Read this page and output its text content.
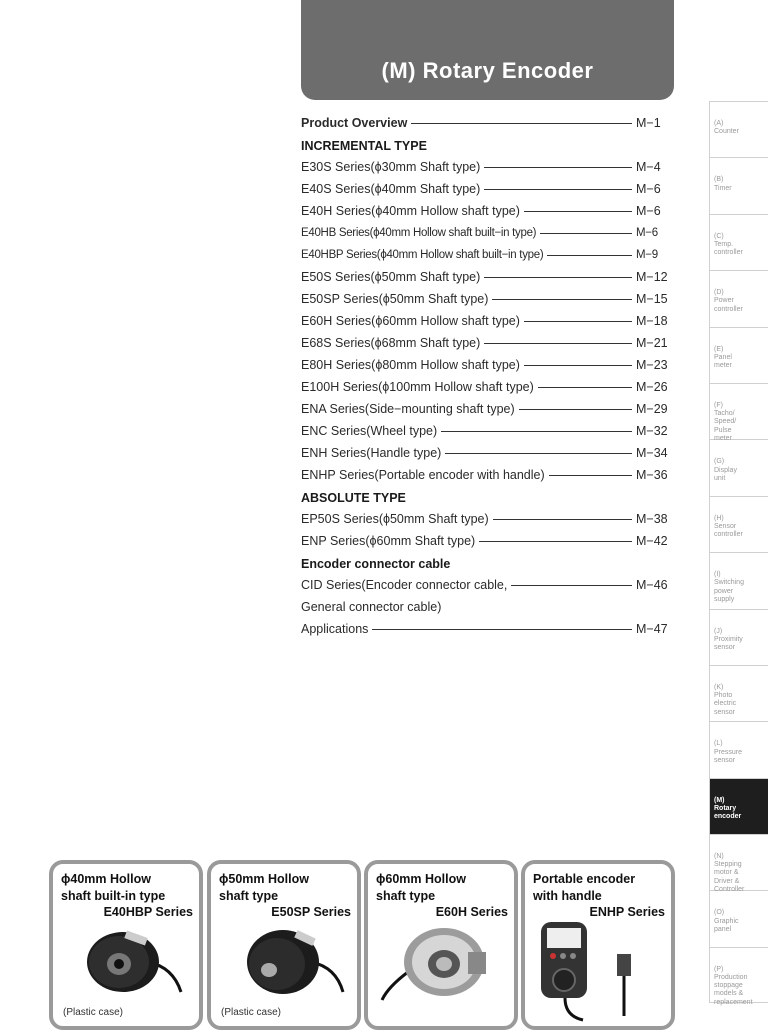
(M) Rotary Encoder
Product Overview	M−1
INCREMENTAL TYPE
E30S Series(ϕ30mm Shaft type)	M−4
E40S Series(ϕ40mm Shaft type)	M−6
E40H Series(ϕ40mm Hollow shaft type)	M−6
E40HB Series(ϕ40mm Hollow shaft built−in type)	M−6
E40HBP Series(ϕ40mm Hollow shaft built−in type)	M−9
E50S Series(ϕ50mm Shaft type)	M−12
E50SP Series(ϕ50mm Shaft type)	M−15
E60H Series(ϕ60mm Hollow shaft type)	M−18
E68S Series(ϕ68mm Shaft type)	M−21
E80H Series(ϕ80mm Hollow shaft type)	M−23
E100H Series(ϕ100mm Hollow shaft type)	M−26
ENA Series(Side−mounting shaft type)	M−29
ENC Series(Wheel type)	M−32
ENH Series(Handle type)	M−34
ENHP Series(Portable encoder with handle)	M−36
ABSOLUTE TYPE
EP50S Series(ϕ50mm Shaft type)	M−38
ENP Series(ϕ60mm Shaft type)	M−42
Encoder connector cable
CID Series(Encoder connector cable,	M−46
General connector cable)
Applications	M−47
(A)
Counter
(B)
Timer
(C)
Temp.
controller
(D)
Power
controller
(E)
Panel
meter
(F)
Tacho/
Speed/
Pulse
meter
(G)
Display
unit
(H)
Sensor
controller
(I)
Switching
power
supply
(J)
Proximity
sensor
(K)
Photo
electric
sensor
(L)
Pressure
sensor
(M)
Rotary
encoder
(N)
Stepping
motor &
Driver &
Controller
(O)
Graphic
panel
(P)
Production
stoppage
models &
replacement
ϕ40mm Hollow
shaft built-in type
E40HBP Series
(Plastic case)
ϕ50mm Hollow
shaft type
E50SP Series
(Plastic case)
ϕ60mm Hollow
shaft type
E60H Series
Portable encoder
with handle
ENHP Series
